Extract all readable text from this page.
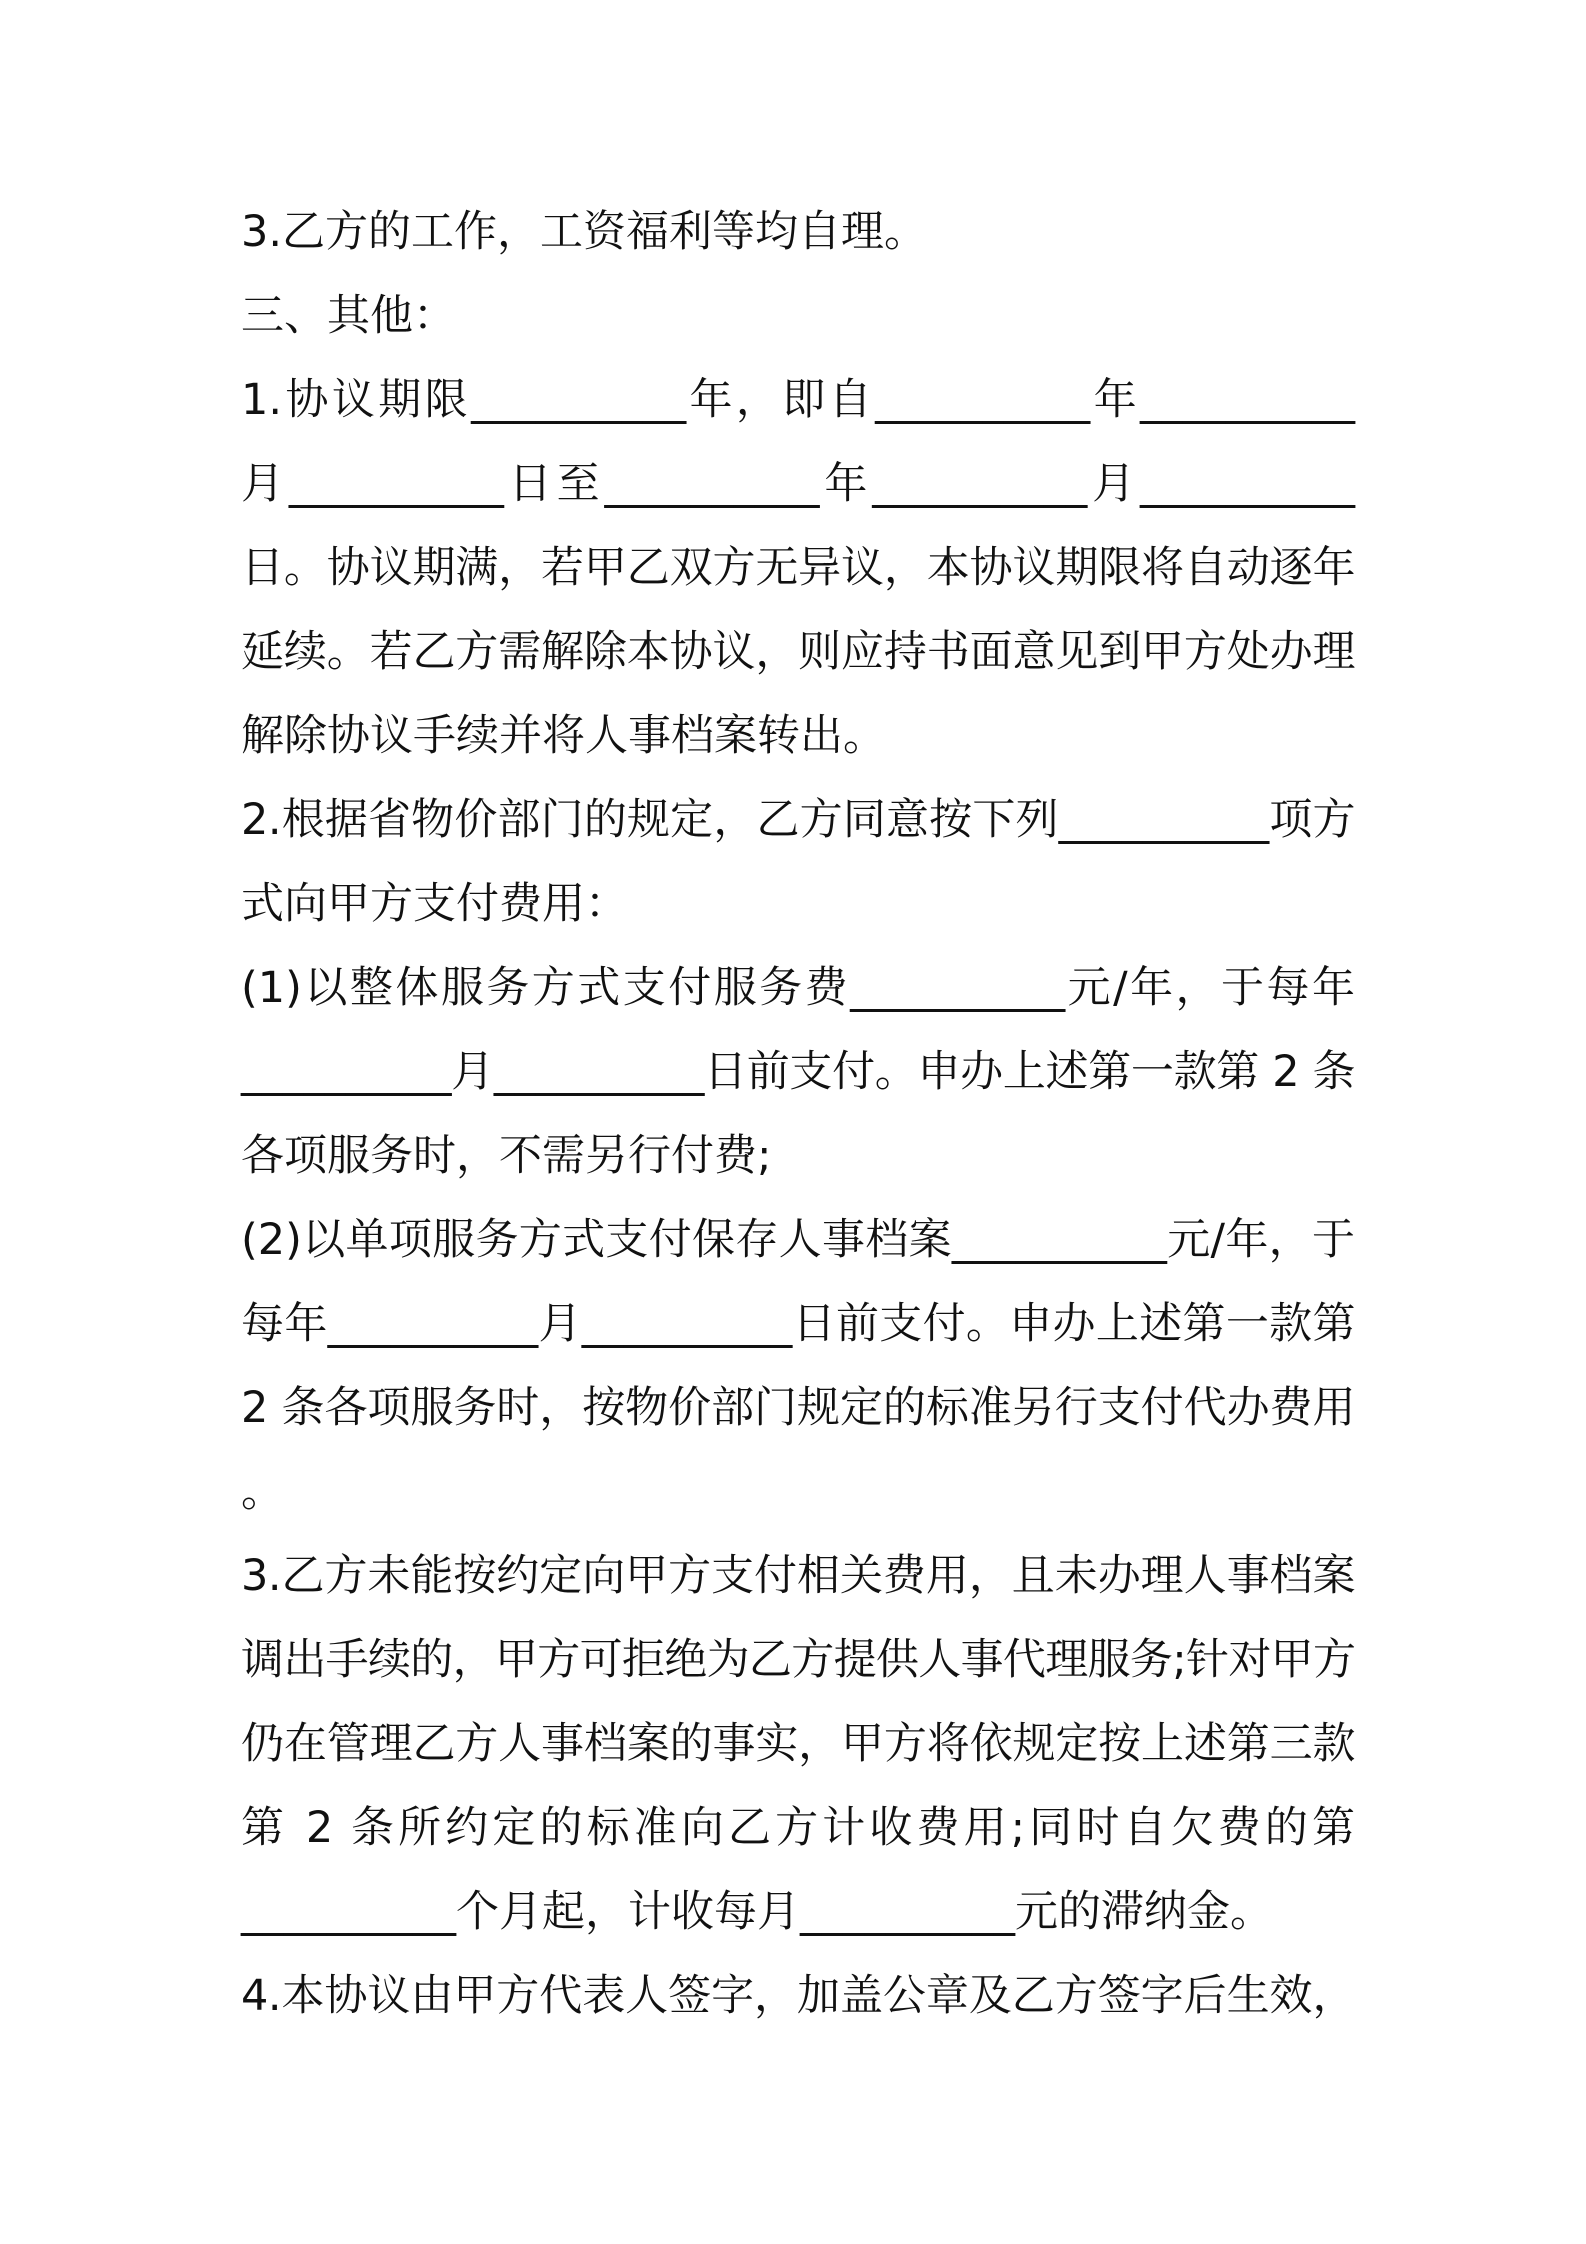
3.乙方的工作，工资福利等均自理。
三、其他：
1.协议期限__________年，即自__________年__________
月__________日至__________年__________月__________
日。协议期满，若甲乙双方无异议，本协议期限将自动逐年
延续。若乙方需解除本协议，则应持书面意见到甲方处办理
解除协议手续并将人事档案转出。
2.根据省物价部门的规定，乙方同意按下列__________项方
式向甲方支付费用：
(1)以整体服务方式支付服务费__________元/年，于每年
__________月__________日前支付。申办上述第一款第 2 条
各项服务时，不需另行付费;
(2)以单项服务方式支付保存人事档案__________元/年，于
每年__________月__________日前支付。申办上述第一款第
2 条各项服务时，按物价部门规定的标准另行支付代办费用
。
3.乙方未能按约定向甲方支付相关费用，且未办理人事档案
调出手续的，甲方可拒绝为乙方提供人事代理服务;针对甲方
仍在管理乙方人事档案的事实，甲方将依规定按上述第三款
第 2 条所约定的标准向乙方计收费用;同时自欠费的第
__________个月起，计收每月__________元的滞纳金。
4.本协议由甲方代表人签字，加盖公章及乙方签字后生效，
